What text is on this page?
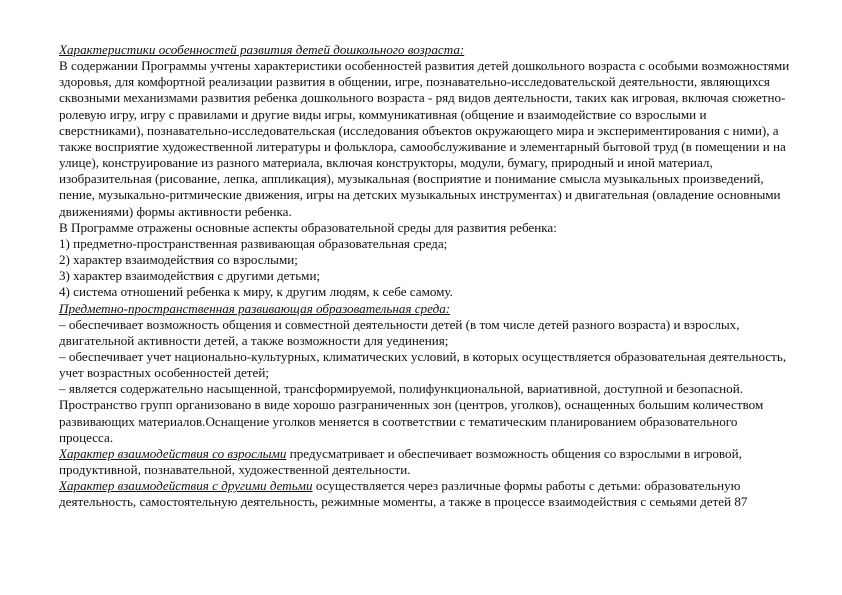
Характеристики особенностей развития детей дошкольного возраста:

В содержании Программы учтены характеристики особенностей развития детей дошкольного возраста с особыми возможностями здоровья, для комфортной реализации развития в общении, игре, познавательно-исследовательской деятельности, являющихся сквозными механизмами развития ребенка дошкольного возраста - ряд видов деятельности, таких как игровая, включая сюжетно-ролевую игру, игру с правилами и другие виды игры, коммуникативная (общение и взаимодействие со взрослыми и сверстниками), познавательно-исследовательская (исследования объектов окружающего мира и экспериментирования с ними), а также восприятие художественной литературы и фольклора, самообслуживание и элементарный бытовой труд (в помещении и на улице), конструирование из разного материала, включая конструкторы, модули, бумагу, природный и иной материал, изобразительная (рисование, лепка, аппликация), музыкальная (восприятие и понимание смысла музыкальных произведений, пение, музыкально-ритмические движения, игры на детских музыкальных инструментах) и двигательная (овладение основными движениями) формы активности ребенка.

В Программе отражены основные аспекты образовательной среды для развития ребенка:

1) предметно-пространственная развивающая образовательная среда;

2) характер взаимодействия со взрослыми;

3) характер взаимодействия с другими детьми;

4) система отношений ребенка к миру, к другим людям, к себе самому.

Предметно-пространственная развивающая образовательная среда:

– обеспечивает возможность общения и совместной деятельности детей (в том числе детей разного возраста) и взрослых, двигательной активности детей, а также возможности для уединения;

– обеспечивает учет национально-культурных, климатических условий, в которых осуществляется образовательная деятельность, учет возрастных особенностей детей;

– является содержательно насыщенной, трансформируемой, полифункциональной, вариативной, доступной и безопасной.

Пространство групп организовано в виде хорошо разграниченных зон (центров, уголков), оснащенных большим количеством развивающих материалов.Оснащение уголков меняется в соответствии с тематическим планированием образовательного процесса.

Характер взаимодействия со взрослыми предусматривает и обеспечивает возможность общения со взрослыми в игровой, продуктивной, познавательной, художественной деятельности.

Характер взаимодействия с другими детьми осуществляется через различные формы работы с детьми: образовательную деятельность, самостоятельную деятельность, режимные моменты, а также в процессе взаимодействия с семьями детей 87
